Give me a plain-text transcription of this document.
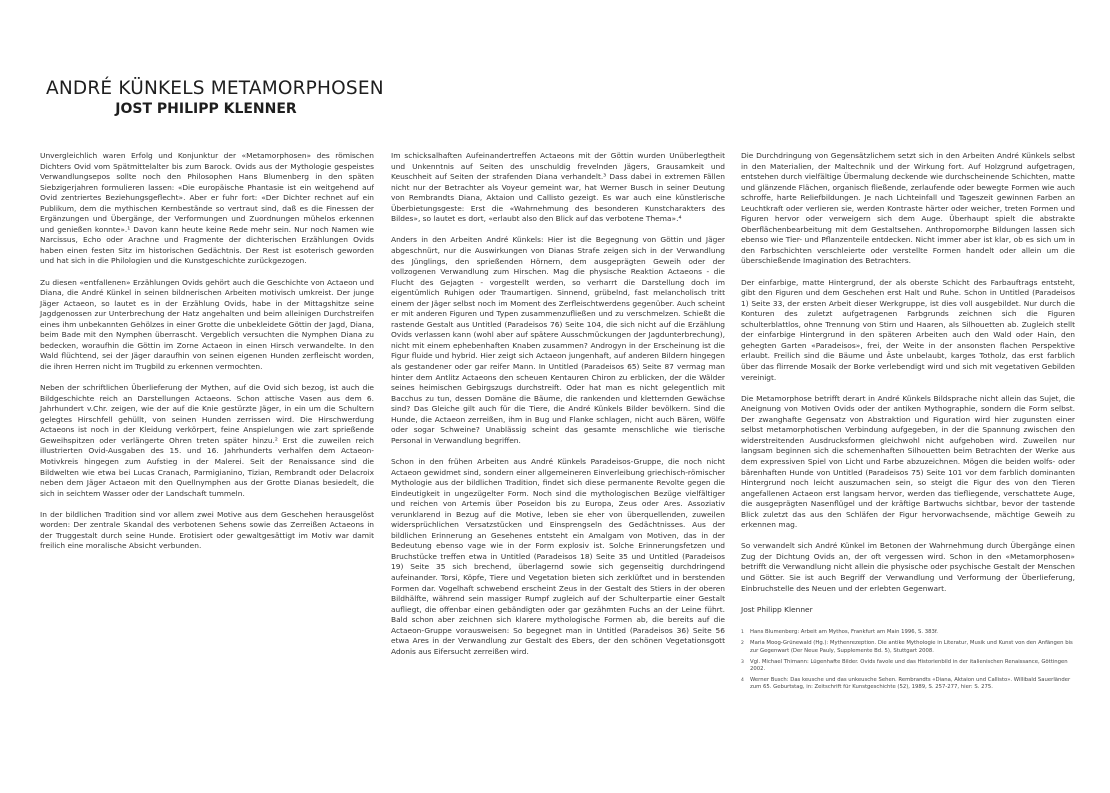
ANDRÉ KÜNKELS METAMORPHOSEN
JOST PHILIPP KLENNER

Unvergleichlich waren Erfolg und Konjunktur der «Metamorphosen» des römischen Dichters Ovid vom Spätmittelalter bis zum Barock. Ovids aus der Mythologie gespeistes Verwandlungsepos sollte noch den Philosophen Hans Blumenberg in den späten Siebzigerjahren formulieren lassen: «Die europäische Phantasie ist ein weitgehend auf Ovid zentriertes Beziehungsgeflecht». Aber er fuhr fort: «Der Dichter rechnet auf ein Publikum, dem die mythischen Kernbestände so vertraut sind, daß es die Finessen der Ergänzungen und Übergänge, der Verformungen und Zuordnungen mühelos erkennen und genießen konnte».¹ Davon kann heute keine Rede mehr sein. Nur noch Namen wie Narcissus, Echo oder Arachne und Fragmente der dichterischen Erzählungen Ovids haben einen festen Sitz im historischen Gedächtnis. Der Rest ist esoterisch geworden und hat sich in die Philologien und die Kunstgeschichte zurückgezogen.

Zu diesen «entfallenen» Erzählungen Ovids gehört auch die Geschichte von Actaeon und Diana, die André Künkel in seinen bildnerischen Arbeiten motivisch umkreist. Der junge Jäger Actaeon, so lautet es in der Erzählung Ovids, habe in der Mittagshitze seine Jagdgenossen zur Unterbrechung der Hatz angehalten und beim alleinigen Durchstreifen eines ihm unbekannten Gehölzes in einer Grotte die unbekleidete Göttin der Jagd, Diana, beim Bade mit den Nymphen überrascht. Vergeblich versuchten die Nymphen Diana zu bedecken, woraufhin die Göttin im Zorne Actaeon in einen Hirsch verwandelte. In den Wald flüchtend, sei der Jäger daraufhin von seinen eigenen Hunden zerfleischt worden, die ihren Herren nicht im Trugbild zu erkennen vermochten.

Neben der schriftlichen Überlieferung der Mythen, auf die Ovid sich bezog, ist auch die Bildgeschichte reich an Darstellungen Actaeons. Schon attische Vasen aus dem 6. Jahrhundert v.Chr. zeigen, wie der auf die Knie gestürzte Jäger, in ein um die Schultern gelegtes Hirschfell gehüllt, von seinen Hunden zerrissen wird. Die Hirschwerdung Actaeons ist noch in der Kleidung verkörpert, feine Anspielungen wie zart sprießende Geweihspitzen oder verlängerte Ohren treten später hinzu.² Erst die zuweilen reich illustrierten Ovid-Ausgaben des 15. und 16. Jahrhunderts verhalfen dem Actaeon-Motivkreis hingegen zum Aufstieg in der Malerei. Seit der Renaissance sind die Bildwelten wie etwa bei Lucas Cranach, Parmigianino, Tizian, Rembrandt oder Delacroix neben dem Jäger Actaeon mit den Quellnymphen aus der Grotte Dianas besiedelt, die sich in seichtem Wasser oder der Landschaft tummeln.

In der bildlichen Tradition sind vor allem zwei Motive aus dem Geschehen herausgelöst worden: Der zentrale Skandal des verbotenen Sehens sowie das Zerreißen Actaeons in der Truggestalt durch seine Hunde. Erotisiert oder gewaltgesättigt im Motiv war damit freilich eine moralische Absicht verbunden.

Im schicksalhaften Aufeinandertreffen Actaeons mit der Göttin wurden Unüberlegtheit und Unkenntnis auf Seiten des unschuldig frevelnden Jägers, Grausamkeit und Keuschheit auf Seiten der strafenden Diana verhandelt.³ Dass dabei in extremen Fällen nicht nur der Betrachter als Voyeur gemeint war, hat Werner Busch in seiner Deutung von Rembrandts Diana, Aktaion und Callisto gezeigt. Es war auch eine künstlerische Überbietungsgeste: Erst die «Wahrnehmung des besonderen Kunstcharakters des Bildes», so lautet es dort, «erlaubt also den Blick auf das verbotene Thema».⁴

Anders in den Arbeiten André Künkels: Hier ist die Begegnung von Göttin und Jäger abgeschnürt, nur die Auswirkungen von Dianas Strafe zeigen sich in der Verwandlung des Jünglings, den sprießenden Hörnern, dem ausgeprägten Geweih oder der vollzogenen Verwandlung zum Hirschen. Mag die physische Reaktion Actaeons - die Flucht des Gejagten - vorgestellt werden, so verharrt die Darstellung doch im eigentümlich Ruhigen oder Traumartigen. Sinnend, grübelnd, fast melancholisch tritt einem der Jäger selbst noch im Moment des Zerfleischtwerdens gegenüber. Auch scheint er mit anderen Figuren und Typen zusammenzufließen und zu verschmelzen. Schießt die rastende Gestalt aus Untitled (Paradeisos 76) Seite 104, die sich nicht auf die Erzählung Ovids verlassen kann (wohl aber auf spätere Ausschmückungen der Jagdunterbrechung), nicht mit einem ephebenhaften Knaben zusammen? Androgyn in der Erscheinung ist die Figur fluide und hybrid. Hier zeigt sich Actaeon jungenhaft, auf anderen Bildern hingegen als gestandener oder gar reifer Mann. In Untitled (Paradeisos 65) Seite 87 vermag man hinter dem Antlitz Actaeons den scheuen Kentauren Chiron zu erblicken, der die Wälder seines heimischen Gebirgszugs durchstreift. Oder hat man es nicht gelegentlich mit Bacchus zu tun, dessen Domäne die Bäume, die rankenden und kletternden Gewächse sind? Das Gleiche gilt auch für die Tiere, die André Künkels Bilder bevölkern. Sind die Hunde, die Actaeon zerreißen, ihm in Bug und Flanke schlagen, nicht auch Bären, Wölfe oder sogar Schweine? Unablässig scheint das gesamte menschliche wie tierische Personal in Verwandlung begriffen.

Schon in den frühen Arbeiten aus André Künkels Paradeisos-Gruppe, die noch nicht Actaeon gewidmet sind, sondern einer allgemeineren Einverleibung griechisch-römischer Mythologie aus der bildlichen Tradition, findet sich diese permanente Revolte gegen die Eindeutigkeit in ungezügelter Form. Noch sind die mythologischen Bezüge vielfältiger und reichen von Artemis über Poseidon bis zu Europa, Zeus oder Ares. Assoziativ verunklarend in Bezug auf die Motive, leben sie eher von überquellenden, zuweilen widersprüchlichen Versatzstücken und Einsprengseln des Gedächtnisses. Aus der bildlichen Erinnerung an Gesehenes entsteht ein Amalgam von Motiven, das in der Bedeutung ebenso vage wie in der Form explosiv ist. Solche Erinnerungsfetzen und Bruchstücke treffen etwa in Untitled (Paradeisos 18) Seite 35 und Untitled (Paradeisos 19) Seite 35 sich brechend, überlagernd sowie sich gegenseitig durchdringend aufeinander. Torsi, Köpfe, Tiere und Vegetation bieten sich zerklüftet und in berstenden Formen dar. Vogelhaft schwebend erscheint Zeus in der Gestalt des Stiers in der oberen Bildhälfte, während sein massiger Rumpf zugleich auf der Schulterpartie einer Gestalt aufliegt, die offenbar einen gebändigten oder gar gezähmten Fuchs an der Leine führt. Bald schon aber zeichnen sich klarere mythologische Formen ab, die bereits auf die Actaeon-Gruppe vorausweisen: So begegnet man in Untitled (Paradeisos 36) Seite 56 etwa Ares in der Verwandlung zur Gestalt des Ebers, der den schönen Vegetationsgott Adonis aus Eifersucht zerreißen wird.

Die Durchdringung von Gegensätzlichem setzt sich in den Arbeiten André Künkels selbst in den Materialien, der Maltechnik und der Wirkung fort. Auf Holzgrund aufgetragen, entstehen durch vielfältige Übermalung deckende wie durchscheinende Schichten, matte und glänzende Flächen, organisch fließende, zerlaufende oder bewegte Formen wie auch schroffe, harte Reliefbildungen. Je nach Lichteinfall und Tageszeit gewinnen Farben an Leuchtkraft oder verlieren sie, werden Kontraste härter oder weicher, treten Formen und Figuren hervor oder verweigern sich dem Auge. Überhaupt spielt die abstrakte Oberflächenbearbeitung mit dem Gestaltsehen. Anthropomorphe Bildungen lassen sich ebenso wie Tier- und Pflanzenteile entdecken. Nicht immer aber ist klar, ob es sich um in den Farbschichten verschleierte oder verstellte Formen handelt oder allein um die überschießende Imagination des Betrachters.

Der einfarbige, matte Hintergrund, der als oberste Schicht des Farbauftrags entsteht, gibt den Figuren und dem Geschehen erst Halt und Ruhe. Schon in Untitled (Paradeisos 1) Seite 33, der ersten Arbeit dieser Werkgruppe, ist dies voll ausgebildet. Nur durch die Konturen des zuletzt aufgetragenen Farbgrunds zeichnen sich die Figuren schulterblattlos, ohne Trennung von Stirn und Haaren, als Silhouetten ab. Zugleich stellt der einfarbige Hintergrund in den späteren Arbeiten auch den Wald oder Hain, den gehegten Garten «Paradeisos», frei, der Weite in der ansonsten flachen Perspektive erlaubt. Freilich sind die Bäume und Äste unbelaubt, karges Totholz, das erst farblich über das flirrende Mosaik der Borke verlebendigt wird und sich mit vegetativen Gebilden vereinigt.

Die Metamorphose betrifft derart in André Künkels Bildsprache nicht allein das Sujet, die Aneignung von Motiven Ovids oder der antiken Mythographie, sondern die Form selbst. Der zwanghafte Gegensatz von Abstraktion und Figuration wird hier zugunsten einer selbst metamorphotischen Verbindung aufgegeben, in der die Spannung zwischen den widerstreitenden Ausdrucksformen gleichwohl nicht aufgehoben wird. Zuweilen nur langsam beginnen sich die schemenhaften Silhouetten beim Betrachten der Werke aus dem expressiven Spiel von Licht und Farbe abzuzeichnen. Mögen die beiden wolfs- oder bärenhaften Hunde von Untitled (Paradeisos 75) Seite 101 vor dem farblich dominanten Hintergrund noch leicht auszumachen sein, so steigt die Figur des von den Tieren angefallenen Actaeon erst langsam hervor, werden das tiefliegende, verschattete Auge, die ausgeprägten Nasenflügel und der kräftige Bartwuchs sichtbar, bevor der tastende Blick zuletzt das aus den Schläfen der Figur hervorwachsende, mächtige Geweih zu erkennen mag.

So verwandelt sich André Künkel im Betonen der Wahrnehmung durch Übergänge einen Zug der Dichtung Ovids an, der oft vergessen wird. Schon in den «Metamorphosen» betrifft die Verwandlung nicht allein die physische oder psychische Gestalt der Menschen und Götter. Sie ist auch Begriff der Verwandlung und Verformung der Überlieferung, Einbruchstelle des Neuen und der erlebten Gegenwart.

Jost Philipp Klenner

1 Hans Blumenberg: Arbeit am Mythos, Frankfurt am Main 1996, S. 383f.
2 Maria Moog-Grünewald (Hg.): Mythenrezeption. Die antike Mythologie in Literatur, Musik und Kunst von den Anfängen bis zur Gegenwart (Der Neue Pauly, Supplemente Bd. 5), Stuttgart 2008.
3 Vgl. Michael Thimann: Lügenhafte Bilder. Ovids favole und das Historienbild in der italienischen Renaissance, Göttingen 2002.
4 Werner Busch: Das keusche und das unkeusche Sehen. Rembrandts «Diana, Aktaion und Callisto». Willibald Sauerländer zum 65. Geburtstag, in: Zeitschrift für Kunstgeschichte (52), 1989, S. 257-277, hier: S. 275.
